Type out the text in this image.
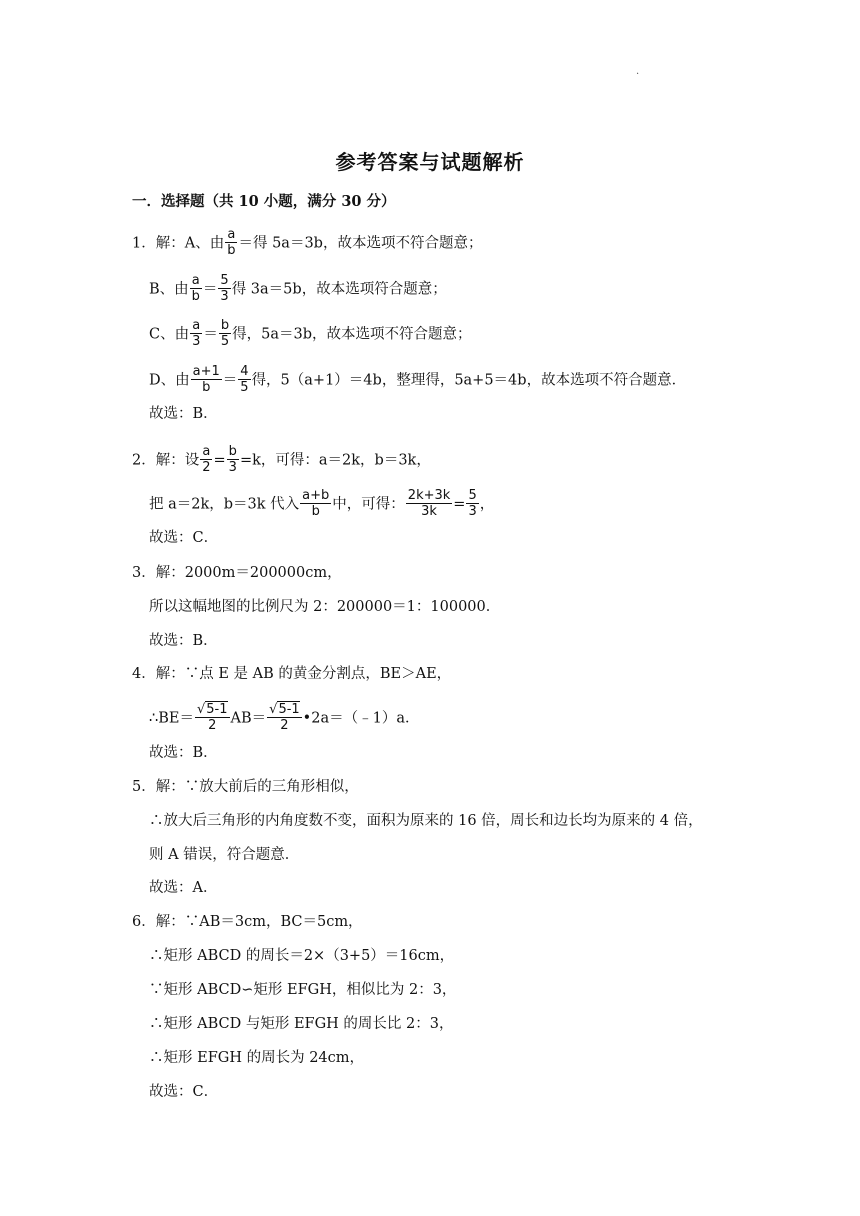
.
参考答案与试题解析
一．选择题（共 10 小题，满分 30 分）
1．解：A、由 $\frac{a}{b}$ ＝得 5a＝3b，故本选项不符合题意；
B、由 $\frac{a}{b} = \frac{5}{3}$ 得 3a＝5b，故本选项符合题意；
C、由 $\frac{a}{3} = \frac{b}{5}$ 得，5a＝3b，故本选项不符合题意；
D、由 $\frac{a+1}{b} = \frac{4}{5}$ 得，5（a+1）＝4b，整理得，5a+5＝4b，故本选项不符合题意．
故选：B．
2．解：设 $\frac{a}{2} = \frac{b}{3} =k$，可得：a＝2k，b＝3k，
把 a＝2k，b＝3k 代入 $\frac{a+b}{b}$ 中，可得： $\frac{2k+3k}{3k} = \frac{5}{3}$ ，
故选：C．
3．解：2000m＝200000cm，
所以这幅地图的比例尺为 2：200000＝1：100000．
故选：B．
4．解：∵点 E 是 AB 的黄金分割点，BE＞AE，
∴BE＝ $\frac{√5-1}{2} AB= \frac{√5-1}{2}$ •2a＝（﹣1）a．
故选：B．
5．解：∵放大前后的三角形相似，
∴放大后三角形的内角度数不变，面积为原来的 16 倍，周长和边长均为原来的 4 倍，
则 A 错误，符合题意．
故选：A．
6．解：∵AB＝3cm，BC＝5cm，
∴矩形 ABCD 的周长＝2×（3+5）＝16cm，
∵矩形 ABCD∽矩形 EFGH，相似比为 2：3，
∴矩形 ABCD 与矩形 EFGH 的周长比 2：3，
∴矩形 EFGH 的周长为 24cm，
故选：C．
